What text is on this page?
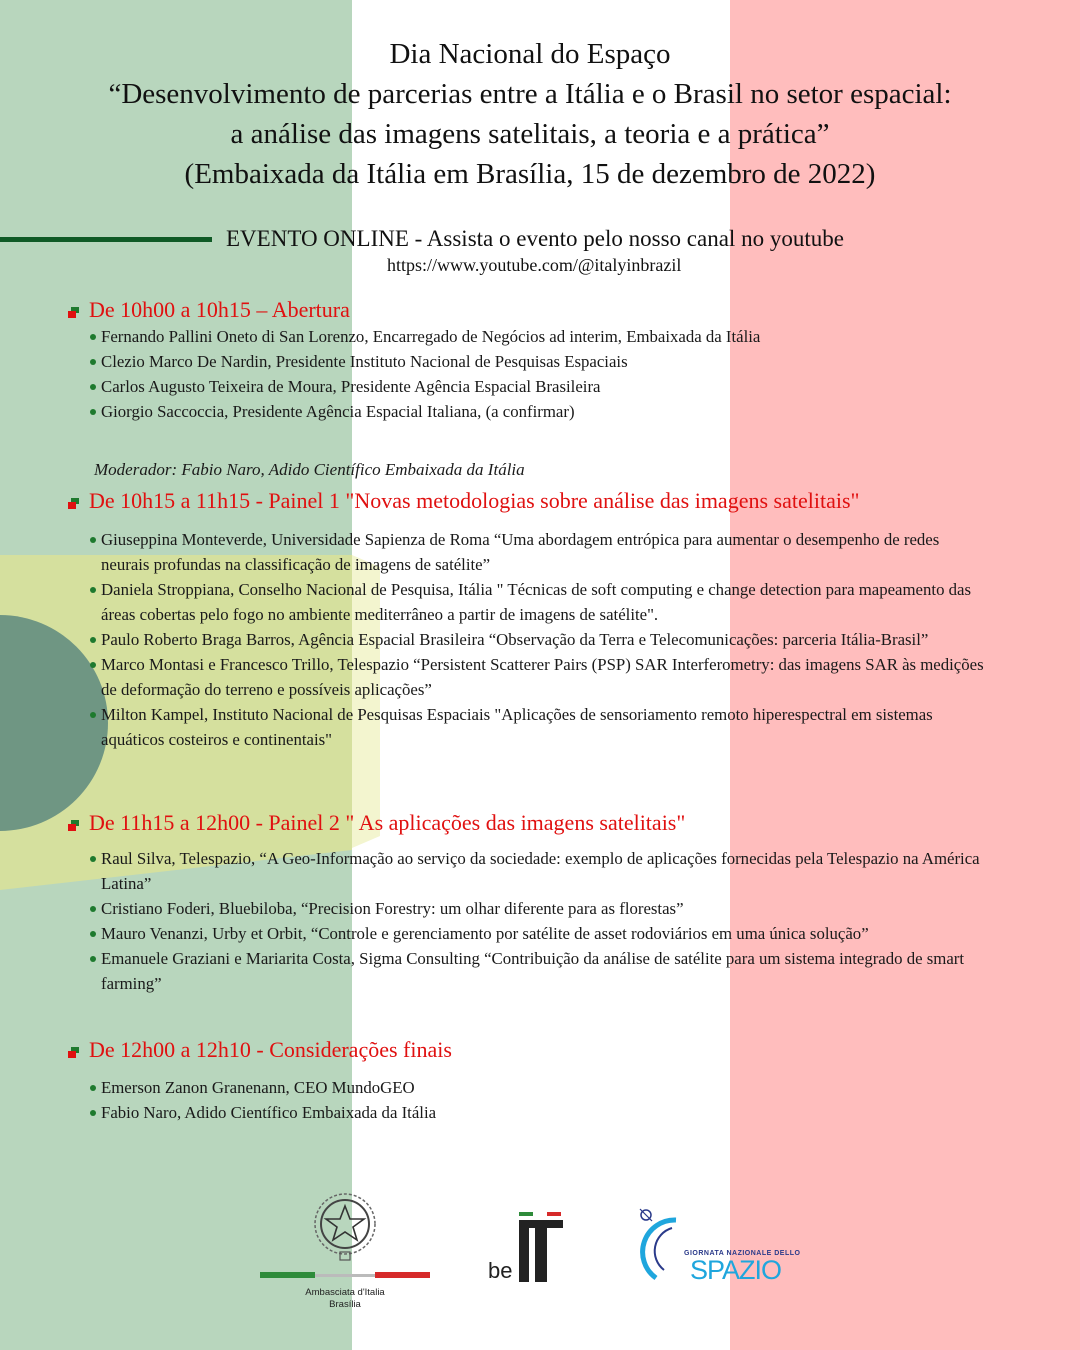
Dia Nacional do Espaço
“Desenvolvimento de parcerias entre a Itália e o Brasil no setor espacial:
a análise das imagens satelitais, a teoria e a prática”
(Embaixada da Itália em Brasília, 15 de dezembro de 2022)
EVENTO ONLINE - Assista o evento pelo nosso canal no youtube
https://www.youtube.com/@italyinbrazil
De 10h00 a 10h15 – Abertura
Fernando Pallini Oneto di San Lorenzo, Encarregado de Negócios ad interim, Embaixada da Itália
Clezio Marco De Nardin, Presidente Instituto Nacional de Pesquisas Espaciais
Carlos Augusto Teixeira de Moura, Presidente Agência Espacial Brasileira
Giorgio Saccoccia, Presidente Agência Espacial Italiana, (a confirmar)
Moderador: Fabio Naro, Adido Científico Embaixada da Itália
De 10h15 a 11h15 - Painel 1 "Novas metodologias sobre análise das imagens satelitais"
Giuseppina Monteverde, Universidade Sapienza de Roma “Uma abordagem entrópica para aumentar o desempenho de redes neurais profundas na classificação de imagens de satélite”
Daniela Stroppiana, Conselho Nacional de Pesquisa, Itália " Técnicas de soft computing e change detection para mapeamento das áreas cobertas pelo fogo no ambiente mediterrâneo a partir de imagens de satélite".
Paulo Roberto Braga Barros, Agência Espacial Brasileira “Observação da Terra e Telecomunicações: parceria Itália-Brasil”
Marco Montasi e Francesco Trillo, Telespazio “Persistent Scatterer Pairs (PSP) SAR Interferometry: das imagens SAR às medições de deformação do terreno e possíveis aplicações”
Milton Kampel, Instituto Nacional de Pesquisas Espaciais "Aplicações de sensoriamento remoto hiperespectral em sistemas aquáticos costeiros e continentais"
De 11h15 a 12h00 - Painel 2 " As aplicações das imagens satelitais"
Raul Silva, Telespazio, “A Geo-Informação ao serviço da sociedade: exemplo de aplicações fornecidas pela Telespazio na América Latina”
Cristiano Foderi, Bluebiloba, “Precision Forestry: um olhar diferente para as florestas”
Mauro Venanzi, Urby et Orbit, “Controle e gerenciamento por satélite de asset rodoviários em uma única solução”
Emanuele Graziani e Mariarita Costa, Sigma Consulting “Contribuição da análise de satélite para um sistema integrado de smart farming”
De 12h00 a 12h10 - Considerações finais
Emerson Zanon Granenann, CEO MundoGEO
Fabio Naro, Adido Científico Embaixada da Itália
Ambasciata d'Italia
Brasília
be
GIORNATA NAZIONALE DELLO
SPAZIO
